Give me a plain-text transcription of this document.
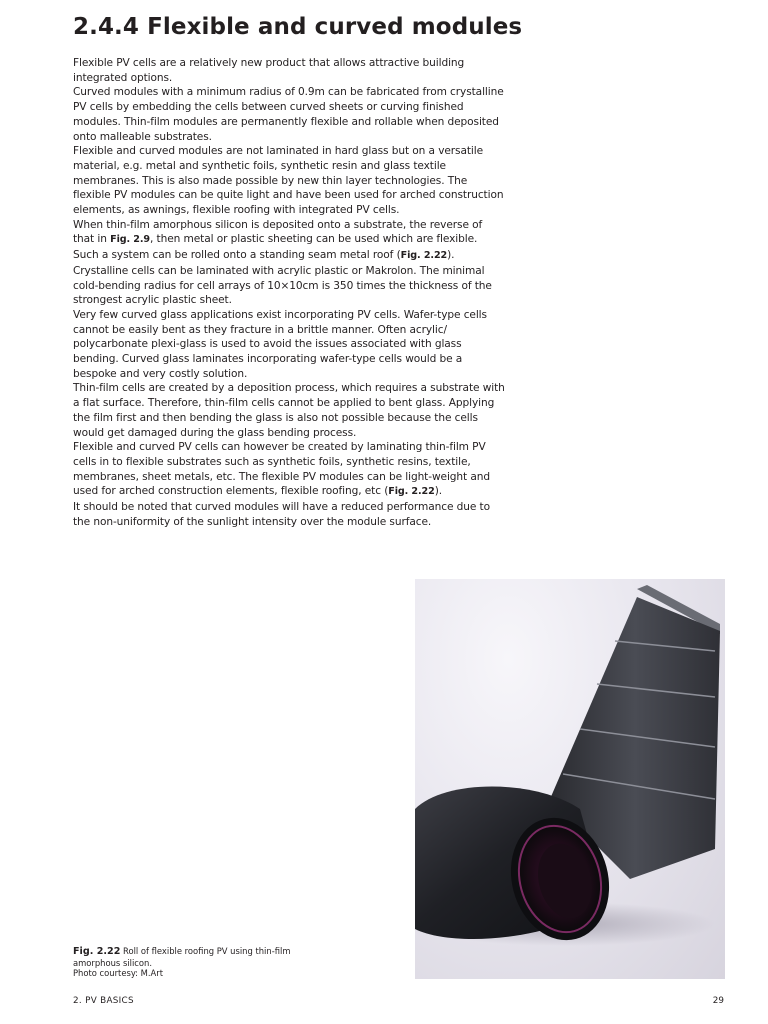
2.4.4 Flexible and curved modules

Flexible PV cells are a relatively new product that allows attractive building integrated options.

Curved modules with a minimum radius of 0.9m can be fabricated from crystalline PV cells by embedding the cells between curved sheets or curving finished modules. Thin-film modules are permanently flexible and rollable when deposited onto malleable substrates.

Flexible and curved modules are not laminated in hard glass but on a versatile material, e.g. metal and synthetic foils, synthetic resin and glass textile membranes. This is also made possible by new thin layer technologies. The flexible PV modules can be quite light and have been used for arched construction elements, as awnings, flexible roofing with integrated PV cells.

When thin-film amorphous silicon is deposited onto a substrate, the reverse of that in Fig. 2.9, then metal or plastic sheeting can be used which are flexible. Such a system can be rolled onto a standing seam metal roof (Fig. 2.22).

Crystalline cells can be laminated with acrylic plastic or Makrolon. The minimal cold-bending radius for cell arrays of 10×10cm is 350 times the thickness of the strongest acrylic plastic sheet.

Very few curved glass applications exist incorporating PV cells. Wafer-type cells cannot be easily bent as they fracture in a brittle manner. Often acrylic/ polycarbonate plexi-glass is used to avoid the issues associated with glass bending. Curved glass laminates incorporating wafer-type cells would be a bespoke and very costly solution.

Thin-film cells are created by a deposition process, which requires a substrate with a flat surface. Therefore, thin-film cells cannot be applied to bent glass. Applying the film first and then bending the glass is also not possible because the cells would get damaged during the glass bending process.

Flexible and curved PV cells can however be created by laminating thin-film PV cells in to flexible substrates such as synthetic foils, synthetic resins, textile, membranes, sheet metals, etc. The flexible PV modules can be light-weight and used for arched construction elements, flexible roofing, etc (Fig. 2.22).

It should be noted that curved modules will have a reduced performance due to the non-uniformity of the sunlight intensity over the module surface.

Fig. 2.22 Roll of flexible roofing PV using thin-film amorphous silicon.
Photo courtesy: M.Art
2. PV BASICS	29
